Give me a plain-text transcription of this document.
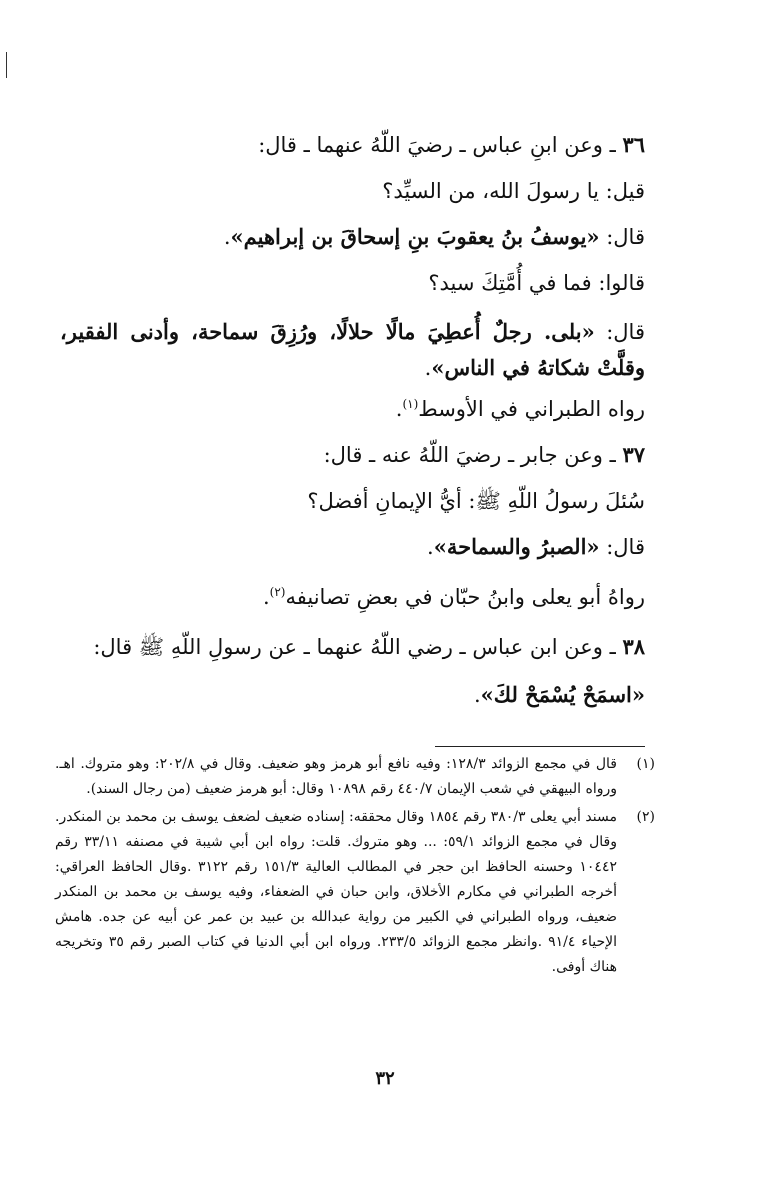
٣٦ ـ وعن ابنِ عباس ـ رضيَ اللّهُ عنهما ـ قال:

قيل: يا رسولَ الله، من السيِّد؟

قال: «يوسفُ بنُ يعقوبَ بنِ إسحاقَ بن إبراهيم».

قالوا: فما في أُمَّتِكَ سيد؟

قال: «بلى. رجلٌ أُعطِيَ مالًا حلالًا، ورُزِقَ سماحة، وأدنى الفقير، وقلَّتْ شكاتهُ في الناس».

رواه الطبراني في الأوسط$^{(١)}$.

٣٧ ـ وعن جابر ـ رضيَ اللّهُ عنه ـ قال:

سُئلَ رسولُ اللّهِ ﷺ: أيُّ الإيمانِ أفضل؟

قال: «الصبرُ والسماحة».

رواهُ أبو يعلى وابنُ حبّان في بعضِ تصانيفه$^{(٢)}$.

٣٨ ـ وعن ابن عباس ـ رضي اللّهُ عنهما ـ عن رسولِ اللّهِ ﷺ قال:

«اسمَحْ يُسْمَحْ لكَ».

(١)
قال في مجمع الزوائد ١٢٨/٣: وفيه نافع أبو هرمز وهو ضعيف. وقال في ٢٠٢/٨: وهو متروك. اهـ. ورواه البيهقي في شعب الإيمان ٤٤٠/٧ رقم ١٠٨٩٨ وقال: أبو هرمز ضعيف (من رجال السند).
(٢)
مسند أبي يعلى ٣٨٠/٣ رقم ١٨٥٤ وقال محققه: إسناده ضعيف لضعف يوسف بن محمد بن المنكدر. وقال في مجمع الزوائد ٥٩/١: ... وهو متروك. قلت: رواه ابن أبي شيبة في مصنفه ٣٣/١١ رقم ١٠٤٤٢ وحسنه الحافظ ابن حجر في المطالب العالية ١٥١/٣ رقم ٣١٢٢ .وقال الحافظ العراقي: أخرجه الطبراني في مكارم الأخلاق، وابن حبان في الضعفاء، وفيه يوسف بن محمد بن المنكدر ضعيف، ورواه الطبراني في الكبير من رواية عبدالله بن عبيد بن عمر عن أبيه عن جده. هامش الإحياء ٩١/٤ .وانظر مجمع الزوائد ٢٣٣/٥. ورواه ابن أبي الدنيا في كتاب الصبر رقم ٣٥ وتخريجه هناك أوفى.
٣٢
